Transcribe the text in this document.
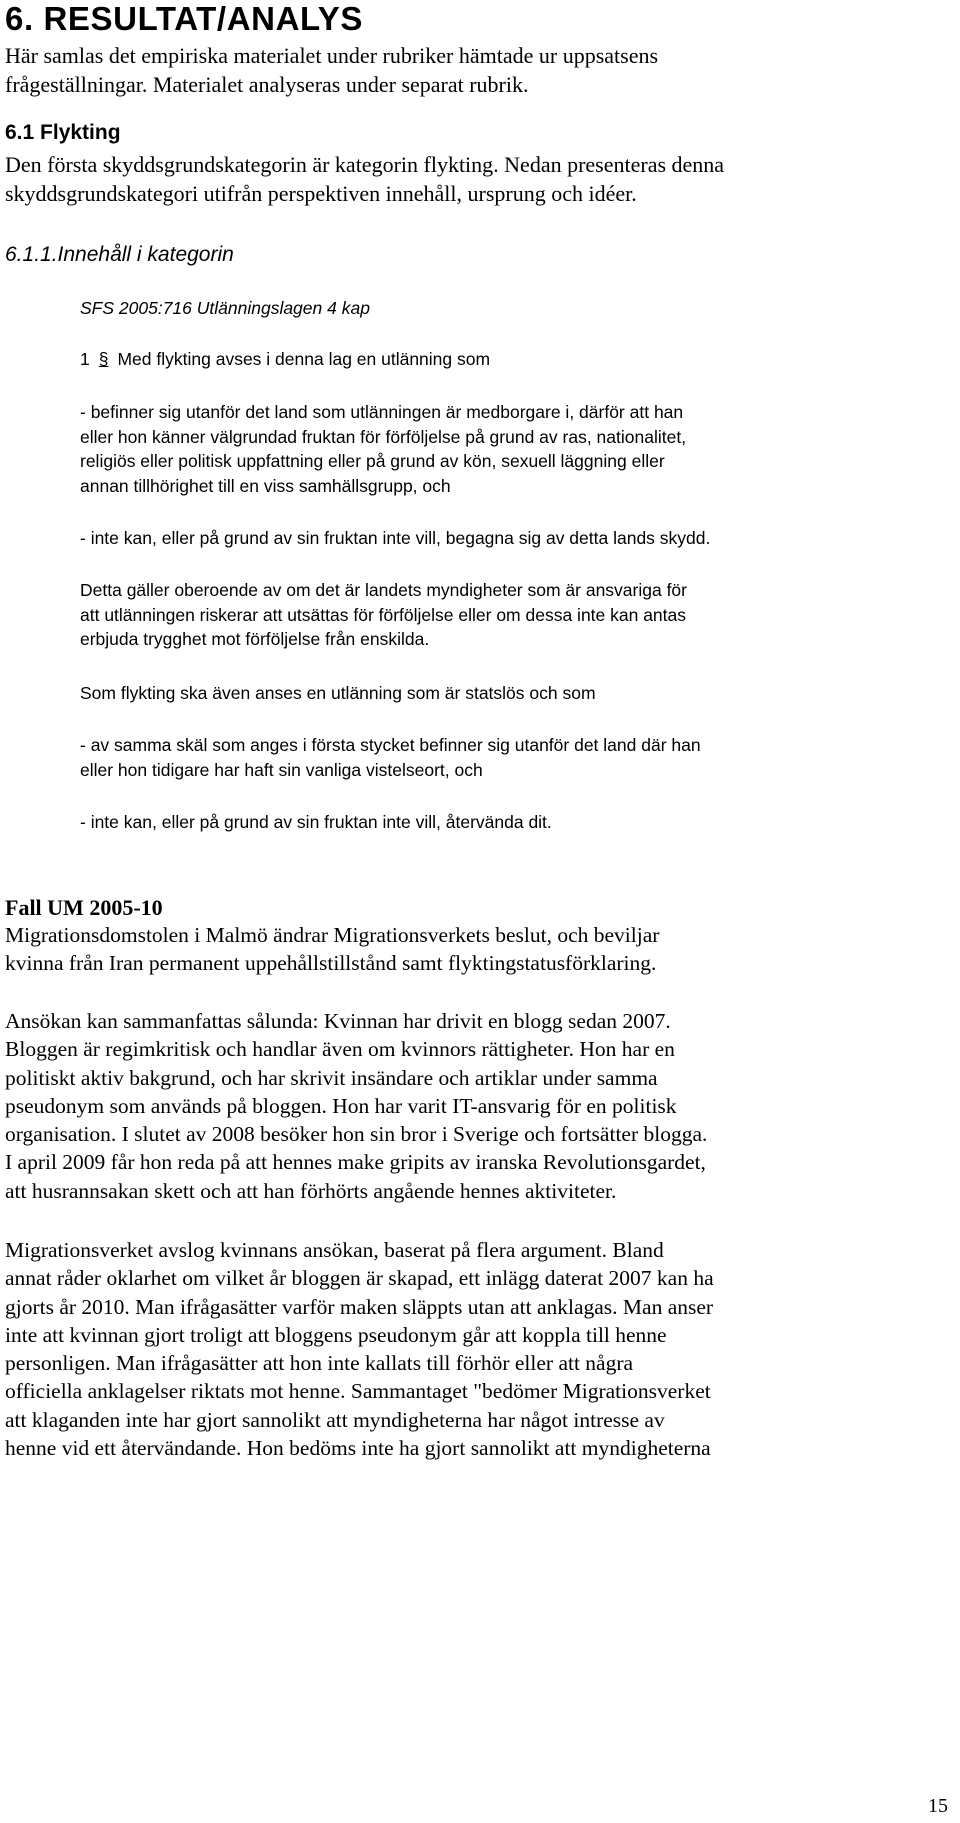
6. RESULTAT/ANALYS

Här samlas det empiriska materialet under rubriker hämtade ur uppsatsens

frågeställningar. Materialet analyseras under separat rubrik.

6.1 Flykting

Den första skyddsgrundskategorin är kategorin flykting. Nedan presenteras denna

skyddsgrundskategori utifrån perspektiven innehåll, ursprung och idéer.

6.1.1.Innehåll i kategorin
SFS 2005:716 Utlänningslagen 4 kap
1 § Med flykting avses i denna lag en utlänning som

- befinner sig utanför det land som utlänningen är medborgare i, därför att han

eller hon känner välgrundad fruktan för förföljelse på grund av ras, nationalitet,

religiös eller politisk uppfattning eller på grund av kön, sexuell läggning eller

annan tillhörighet till en viss samhällsgrupp, och

- inte kan, eller på grund av sin fruktan inte vill, begagna sig av detta lands skydd.

Detta gäller oberoende av om det är landets myndigheter som är ansvariga för

att utlänningen riskerar att utsättas för förföljelse eller om dessa inte kan antas

erbjuda trygghet mot förföljelse från enskilda.

Som flykting ska även anses en utlänning som är statslös och som

- av samma skäl som anges i första stycket befinner sig utanför det land där han

eller hon tidigare har haft sin vanliga vistelseort, och

- inte kan, eller på grund av sin fruktan inte vill, återvända dit.
Fall UM 2005-10

Migrationsdomstolen i Malmö ändrar Migrationsverkets beslut, och beviljar

kvinna från Iran permanent uppehållstillstånd samt flyktingstatusförklaring.

Ansökan kan sammanfattas sålunda: Kvinnan har drivit en blogg sedan 2007.

Bloggen är regimkritisk och handlar även om kvinnors rättigheter. Hon har en

politiskt aktiv bakgrund, och har skrivit insändare och artiklar under samma

pseudonym som används på bloggen. Hon har varit IT-ansvarig för en politisk

organisation. I slutet av 2008 besöker hon sin bror i Sverige och fortsätter blogga.

I april 2009 får hon reda på att hennes make gripits av iranska Revolutionsgardet,

att husrannsakan skett och att han förhörts angående hennes aktiviteter.

Migrationsverket avslog kvinnans ansökan, baserat på flera argument. Bland

annat råder oklarhet om vilket år bloggen är skapad, ett inlägg daterat 2007 kan ha

gjorts år 2010. Man ifrågasätter varför maken släppts utan att anklagas. Man anser

inte att kvinnan gjort troligt att bloggens pseudonym går att koppla till henne

personligen. Man ifrågasätter att hon inte kallats till förhör eller att några

officiella anklagelser riktats mot henne. Sammantaget "bedömer Migrationsverket

att klaganden inte har gjort sannolikt att myndigheterna har något intresse av

henne vid ett återvändande. Hon bedöms inte ha gjort sannolikt att myndigheterna

15
